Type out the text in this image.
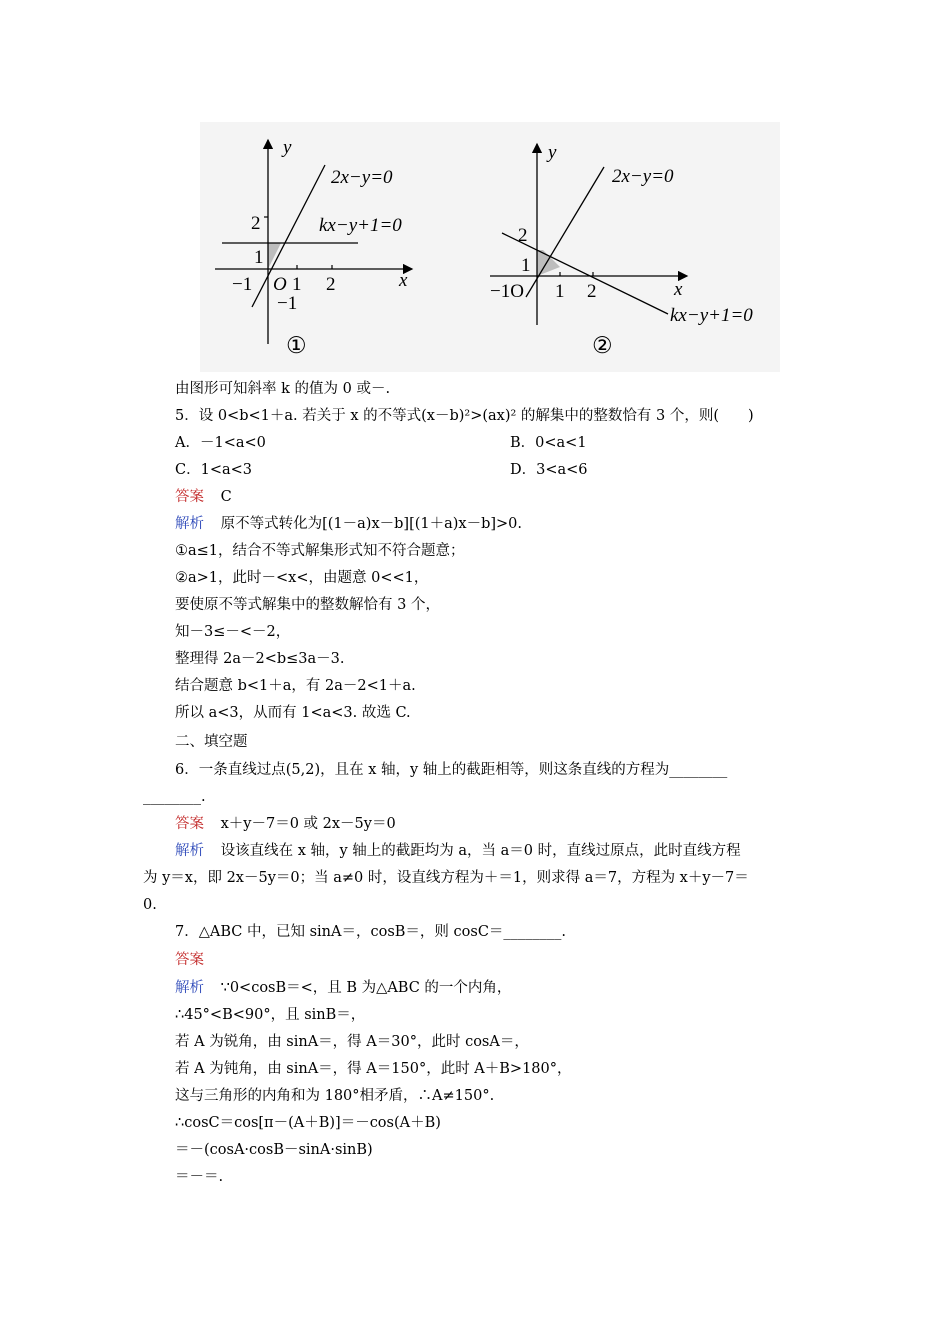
y
x
2x−y=0
kx−y+1=0
2
1
−1 O 1 2
−1
①
y
x
2x−y=0
kx−y+1=0
2
1
−1O 1 2
②
由图形可知斜率 k 的值为 0 或－.
5．设 0<b<1＋a. 若关于 x 的不等式(x－b)²>(ax)² 的解集中的整数恰有 3 个，则(　　)
A．－1<a<0	B．0<a<1
C．1<a<3	D．3<a<6
答案 C
解析 原不等式转化为[(1－a)x－b][(1＋a)x－b]>0.
①a≤1，结合不等式解集形式知不符合题意；
②a>1，此时－<x<，由题意 0<<1，
要使原不等式解集中的整数解恰有 3 个，
知－3≤－<－2，
整理得 2a－2<b≤3a－3.
结合题意 b<1＋a，有 2a－2<1＋a.
所以 a<3，从而有 1<a<3. 故选 C.
二、填空题
6．一条直线过点(5,2)，且在 x 轴，y 轴上的截距相等，则这条直线的方程为________
________.
答案 x＋y－7＝0 或 2x－5y＝0
解析 设该直线在 x 轴，y 轴上的截距均为 a，当 a＝0 时，直线过原点，此时直线方程
为 y＝x，即 2x－5y＝0；当 a≠0 时，设直线方程为＋＝1，则求得 a＝7，方程为 x＋y－7＝
0.
7．△ABC 中，已知 sinA＝，cosB＝，则 cosC＝________.
答案
解析 ∵0<cosB＝<，且 B 为△ABC 的一个内角，
∴45°<B<90°，且 sinB＝，
若 A 为锐角，由 sinA＝，得 A＝30°，此时 cosA＝，
若 A 为钝角，由 sinA＝，得 A＝150°，此时 A＋B>180°，
这与三角形的内角和为 180°相矛盾，∴A≠150°.
∴cosC＝cos[π－(A＋B)]＝－cos(A＋B)
＝－(cosA·cosB－sinA·sinB)
＝－＝.
